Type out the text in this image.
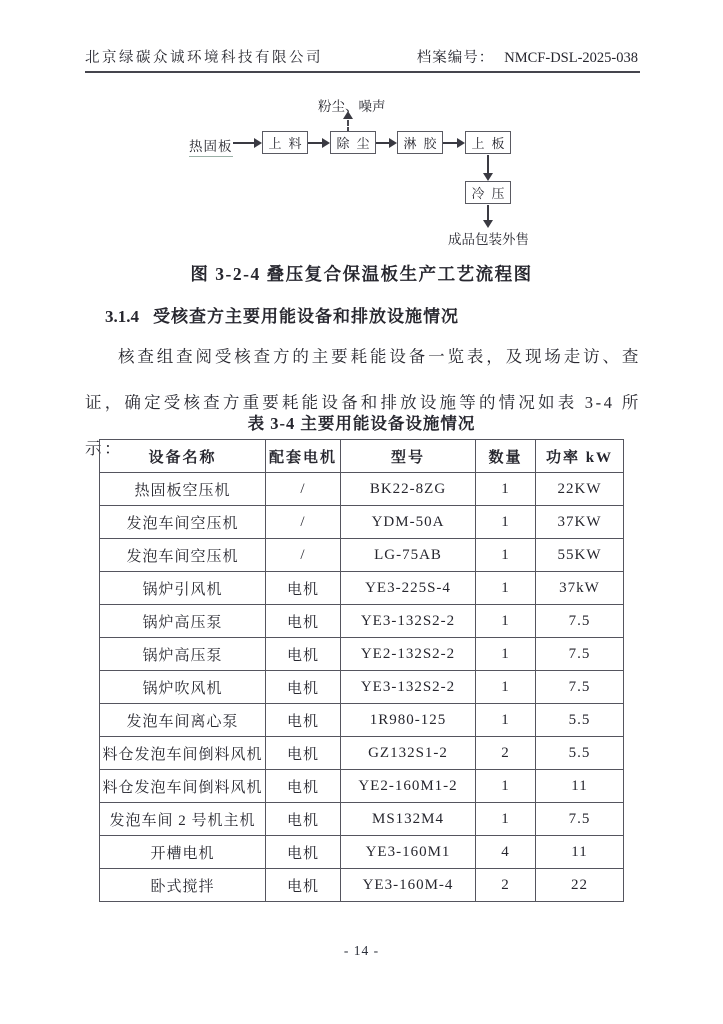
北京绿碳众诚环境科技有限公司	档案编号： NMCF-DSL-2025-038
粉尘、噪声
热固板	上料 除尘 淋胶 上板
冷压
成品包装外售
图 3-2-4 叠压复合保温板生产工艺流程图
3.1.4 受核查方主要用能设备和排放设施情况
核查组查阅受核查方的主要耗能设备一览表，及现场走访、查证，确定受核查方重要耗能设备和排放设施等的情况如表 3-4 所示：
表 3-4 主要用能设备设施情况
设备名称	配套电机	型号	数量	功率 kW
热固板空压机	/	BK22-8ZG	1	22KW
发泡车间空压机	/	YDM-50A	1	37KW
发泡车间空压机	/	LG-75AB	1	55KW
锅炉引风机	电机	YE3-225S-4	1	37kW
锅炉高压泵	电机	YE3-132S2-2	1	7.5
锅炉高压泵	电机	YE2-132S2-2	1	7.5
锅炉吹风机	电机	YE3-132S2-2	1	7.5
发泡车间离心泵	电机	1R980-125	1	5.5
料仓发泡车间倒料风机	电机	GZ132S1-2	2	5.5
料仓发泡车间倒料风机	电机	YE2-160M1-2	1	11
发泡车间 2 号机主机	电机	MS132M4	1	7.5
开槽电机	电机	YE3-160M1	4	11
卧式搅拌	电机	YE3-160M-4	2	22
- 14 -
